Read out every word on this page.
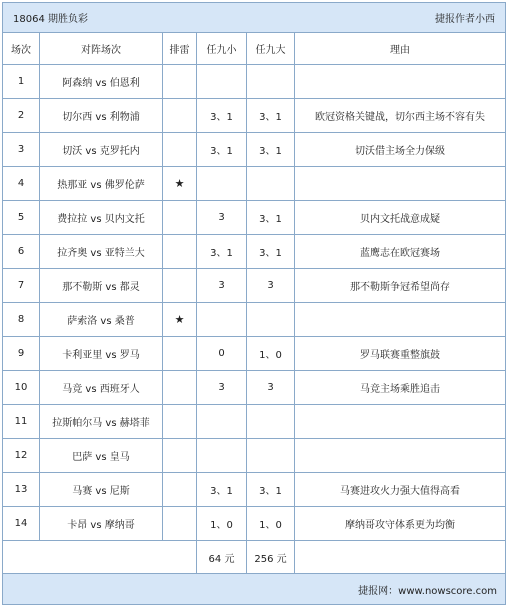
18064 期胜负彩			捷报作者小西		
场次	对阵场次	排雷	任九小	任九大	理由
1	阿森纳 vs 伯恩利				
2	切尔西 vs 利物浦		3、1	3、1	欧冠资格关键战，切尔西主场不容有失
3	切沃 vs 克罗托内		3、1	3、1	切沃借主场全力保级
4	热那亚 vs 佛罗伦萨	★			
5	费拉拉 vs 贝内文托		3	3、1	贝内文托战意成疑
6	拉齐奥 vs 亚特兰大		3、1	3、1	蓝鹰志在欧冠赛场
7	那不勒斯 vs 都灵		3	3	那不勒斯争冠希望尚存
8	萨索洛 vs 桑普	★			
9	卡利亚里 vs 罗马		0	1、0	罗马联赛重整旗鼓
10	马竞 vs 西班牙人		3	3	马竞主场乘胜追击
11	拉斯帕尔马 vs 赫塔菲				
12	巴萨 vs 皇马				
13	马赛 vs 尼斯		3、1	3、1	马赛进攻火力强大值得高看
14	卡昂 vs 摩纳哥		1、0	1、0	摩纳哥攻守体系更为均衡
			64 元	256 元	
捷报网：www.nowscore.com					
